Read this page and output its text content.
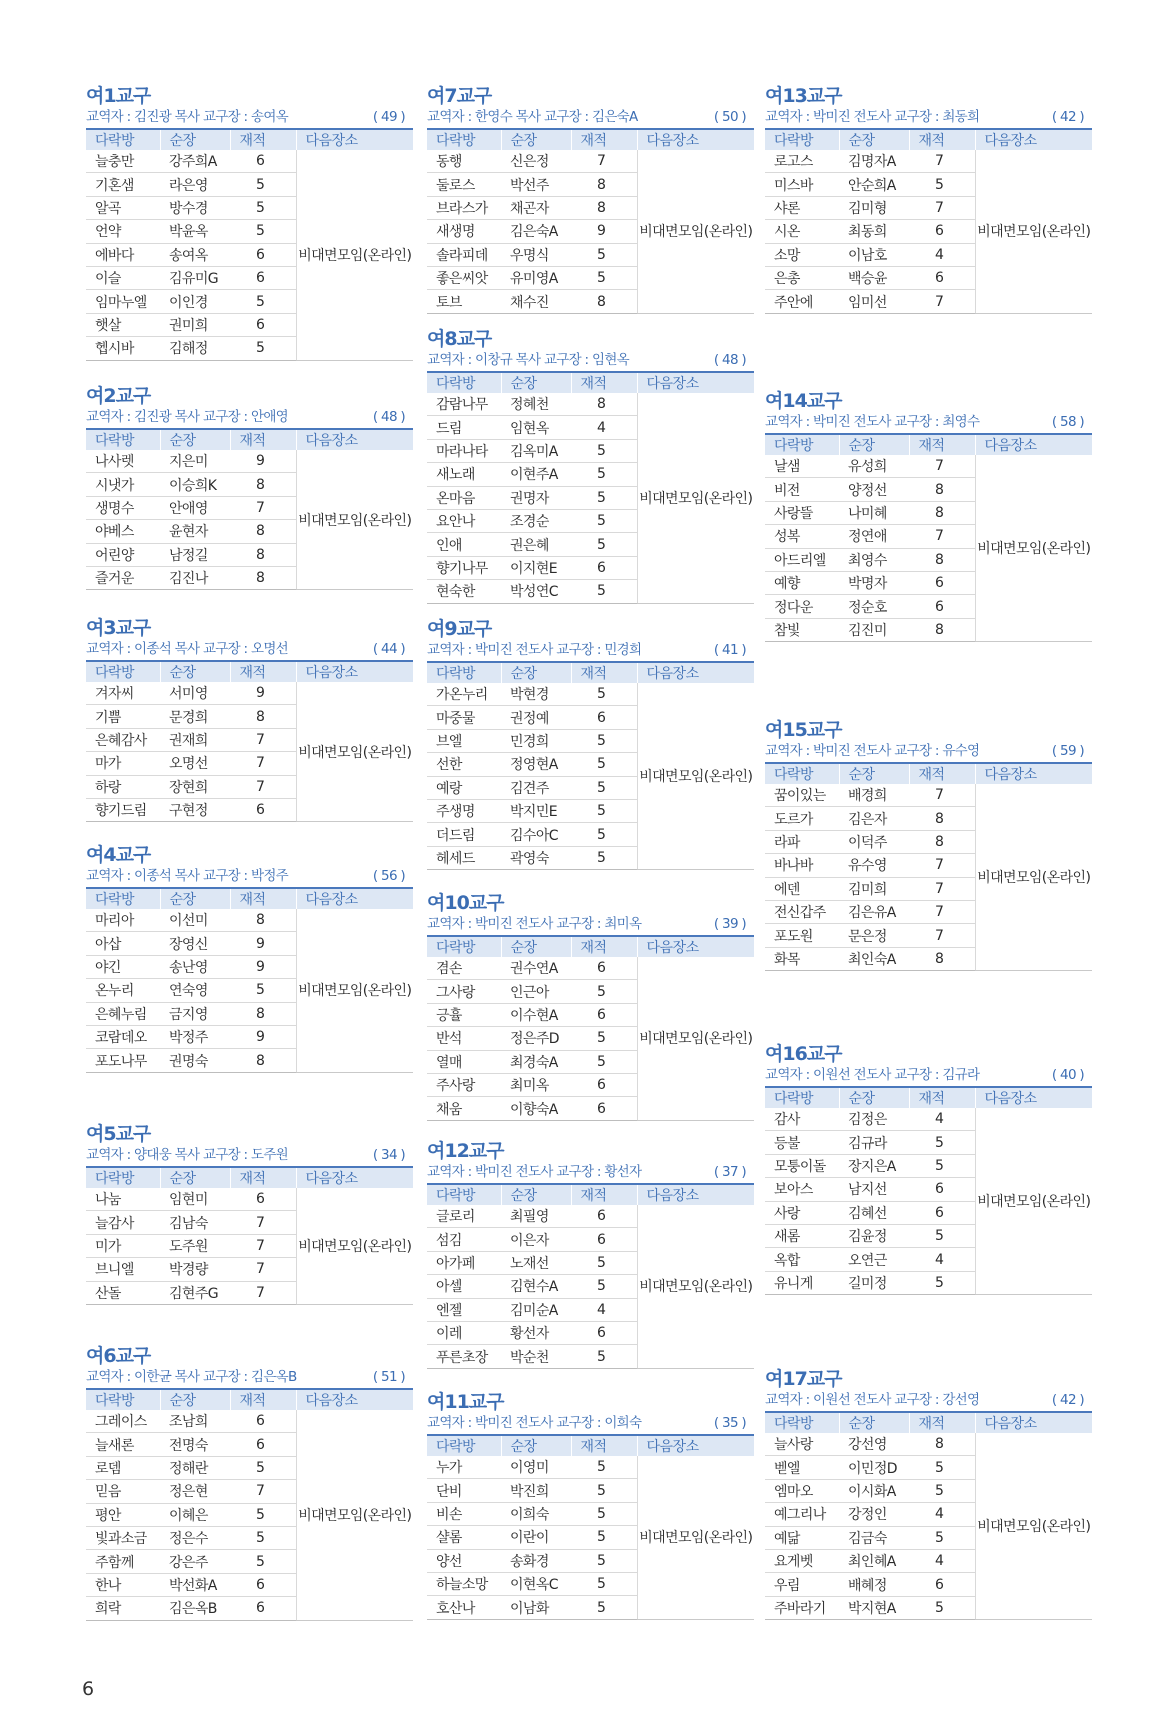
여1교구
교역자 : 김진광 목사 교구장 : 송여옥	( 49 )
다락방	순장	재적	다음장소
늘충만	강주희A	6	비대면모임(온라인)
기혼샘	라은영	5	
알곡	방수경	5	
언약	박윤옥	5	
에바다	송여옥	6	
이슬	김유미G	6	
임마누엘	이인경	5	
햇살	권미희	6	
헵시바	김해정	5	
여2교구
교역자 : 김진광 목사 교구장 : 안애영	( 48 )
다락방	순장	재적	다음장소
나사렛	지은미	9	비대면모임(온라인)
시냇가	이승희K	8	
생명수	안애영	7	
야베스	윤현자	8	
어린양	남정길	8	
즐거운	김진나	8	
여3교구
교역자 : 이종석 목사 교구장 : 오명선	( 44 )
다락방	순장	재적	다음장소
겨자씨	서미영	9	비대면모임(온라인)
기쁨	문경희	8	
은혜감사	권재희	7	
마가	오명선	7	
하랑	장현희	7	
향기드림	구현정	6	
여4교구
교역자 : 이종석 목사 교구장 : 박정주	( 56 )
다락방	순장	재적	다음장소
마리아	이선미	8	비대면모임(온라인)
아삽	장영신	9	
야긴	송난영	9	
온누리	연숙영	5	
은혜누림	금지영	8	
코람데오	박정주	9	
포도나무	권명숙	8	
여5교구
교역자 : 양대웅 목사 교구장 : 도주원	( 34 )
다락방	순장	재적	다음장소
나눔	임현미	6	비대면모임(온라인)
늘감사	김남숙	7	
미가	도주원	7	
브니엘	박경량	7	
산돌	김현주G	7	
여6교구
교역자 : 이한균 목사 교구장 : 김은옥B	( 51 )
다락방	순장	재적	다음장소
그레이스	조남희	6	비대면모임(온라인)
늘새론	전명숙	6	
로뎀	정해란	5	
믿음	정은현	7	
평안	이혜은	5	
빛과소금	정은수	5	
주함께	강은주	5	
한나	박선화A	6	
희락	김은옥B	6	
여7교구
교역자 : 한영수 목사 교구장 : 김은숙A	( 50 )
다락방	순장	재적	다음장소
동행	신은정	7	비대면모임(온라인)
둘로스	박선주	8	
브라스가	채곤자	8	
새생명	김은숙A	9	
솔라피데	우명식	5	
좋은씨앗	유미영A	5	
토브	채수진	8	
여8교구
교역자 : 이창규 목사 교구장 : 임현옥	( 48 )
다락방	순장	재적	다음장소
감람나무	정혜천	8	비대면모임(온라인)
드림	임현옥	4	
마라나타	김옥미A	5	
새노래	이현주A	5	
온마음	권명자	5	
요안나	조경순	5	
인애	권은혜	5	
향기나무	이지현E	6	
현숙한	박성연C	5	
여9교구
교역자 : 박미진 전도사 교구장 : 민경희	( 41 )
다락방	순장	재적	다음장소
가온누리	박현경	5	비대면모임(온라인)
마중물	권정예	6	
브엘	민경희	5	
선한	정영현A	5	
예랑	김견주	5	
주생명	박지민E	5	
더드림	김수아C	5	
헤세드	곽영숙	5	
여10교구
교역자 : 박미진 전도사 교구장 : 최미옥	( 39 )
다락방	순장	재적	다음장소
겸손	권수연A	6	비대면모임(온라인)
그사랑	인근아	5	
긍휼	이수현A	6	
반석	정은주D	5	
열매	최경숙A	5	
주사랑	최미옥	6	
채움	이향숙A	6	
여12교구
교역자 : 박미진 전도사 교구장 : 황선자	( 37 )
다락방	순장	재적	다음장소
글로리	최필영	6	비대면모임(온라인)
섬김	이은자	6	
아가페	노재선	5	
아셀	김현수A	5	
엔젤	김미순A	4	
이레	황선자	6	
푸른초장	박순천	5	
여11교구
교역자 : 박미진 전도사 교구장 : 이희숙	( 35 )
다락방	순장	재적	다음장소
누가	이영미	5	비대면모임(온라인)
단비	박진희	5	
비손	이희숙	5	
샬롬	이란이	5	
양선	송화경	5	
하늘소망	이현옥C	5	
호산나	이남화	5	
여13교구
교역자 : 박미진 전도사 교구장 : 최동희	( 42 )
다락방	순장	재적	다음장소
로고스	김명자A	7	비대면모임(온라인)
미스바	안순희A	5	
샤론	김미형	7	
시온	최동희	6	
소망	이남호	4	
은총	백승윤	6	
주안에	임미선	7	
여14교구
교역자 : 박미진 전도사 교구장 : 최영수	( 58 )
다락방	순장	재적	다음장소
날샘	유성희	7	비대면모임(온라인)
비전	양정선	8	
사랑뜰	나미혜	8	
성복	정연애	7	
아드리엘	최영수	8	
예향	박명자	6	
정다운	정순호	6	
참빛	김진미	8	
여15교구
교역자 : 박미진 전도사 교구장 : 유수영	( 59 )
다락방	순장	재적	다음장소
꿈이있는	배경희	7	비대면모임(온라인)
도르가	김은자	8	
라파	이덕주	8	
바나바	유수영	7	
에덴	김미희	7	
전신갑주	김은유A	7	
포도원	문은정	7	
화목	최인숙A	8	
여16교구
교역자 : 이원선 전도사 교구장 : 김규라	( 40 )
다락방	순장	재적	다음장소
감사	김정은	4	비대면모임(온라인)
등불	김규라	5	
모퉁이돌	장지은A	5	
보아스	남지선	6	
사랑	김혜선	6	
새롬	김윤정	5	
옥합	오연근	4	
유니게	길미정	5	
여17교구
교역자 : 이원선 전도사 교구장 : 강선영	( 42 )
다락방	순장	재적	다음장소
늘사랑	강선영	8	비대면모임(온라인)
벧엘	이민정D	5	
엠마오	이시화A	5	
예그리나	강정인	4	
예닮	김금숙	5	
요게벳	최인혜A	4	
우림	배혜정	6	
주바라기	박지현A	5	
6
